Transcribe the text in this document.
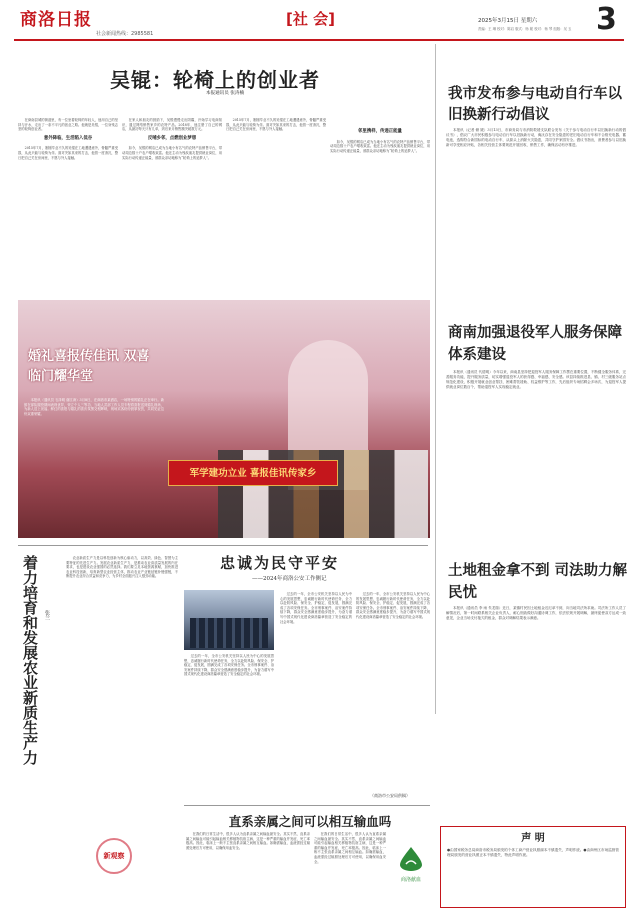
商洛日报
社会新闻热线：2985581
[社 会]	2025年3月15日 星期六
责编：王 琳 校对：陈启 版式：杨 妮 校对：杨 琴 组版：吴 玉 3
吴锟：轮椅上的创业者
本报通讯员 张涛楠

在商南县城的街道里，有一位坐着轮椅的年轻人，他用自己的坚持与汗水，走出了一条不平凡的创业之路。他就是吴锟，一位身残志坚的轮椅创业者。

意外降临，生活陷入低谷

2015年7月，刚刚毕业不久的吴锟在工地遭遇意外，脊髓严重受损，从此只能与轮椅为伴。面对突如其来的打击，他曾一度消沉，整日把自己关在房间里，不愿与外人接触。

在家人和朋友的鼓励下，吴锟慢慢走出阴霾，开始学习电商知识，通过网络销售家乡的农特产品。2018年，他注册了自己的网店，从最初每天只有几单，到后来月销售额突破数万元。

反哺乡邻，点燃创业梦想

如今，吴锟的网店已成为当地小有名气的农特产品销售平台，带动周边数十户农户增收致富。他还主动为残疾朋友提供就业岗位，用实际行动传递正能量，被群众亲切地称为“轮椅上的追梦人”。

2015年7月，刚刚毕业不久的吴锟在工地遭遇意外，脊髓严重受损，从此只能与轮椅为伴。面对突如其来的打击，他曾一度消沉，整日把自己关在房间里，不愿与外人接触。	邻里携样，传递正能量

如今，吴锟的网店已成为当地小有名气的农特产品销售平台，带动周边数十户农户增收致富。他还主动为残疾朋友提供就业岗位，用实际行动传递正能量，被群众亲切地称为“轮椅上的追梦人”。

我市发布参与电动自行车以旧换新行动倡议

本报讯（记者 储 媛）3月13日，市商务局与市消防救援支队联合发布《关于参与电动自行车以旧换新行动的倡议书》，倡议广大市民积极参与电动自行车以旧换新行动，淘汰存在安全隐患的老旧电动自行车和不合格充电器、蓄电池，选购符合新国标的电动自行车，从源头上消除火灾隐患，共同守护家园安全。倡议书指出，消费者参与以旧换新可享受相应补贴，各相关经营主体要规范开展回收、销售工作，确保活动有序推进。

军学建功立业 喜报佳讯传家乡
婚礼喜报传佳讯 双喜临门耀华堂

本报讯（通讯员 石泽明 谢江涛）3月8日，在商洛市某酒店，一场特别的婚礼正在举行。新郎在部队服役期间表现优异，荣立个人三等功，当地人武部工作人员专程将喜报送到婚礼现场，为新人送上祝福。鲜红的喜报与婚礼的喜庆氛围交相辉映，现场宾客纷纷鼓掌祝贺，共同见证这份双重荣耀。

商南加强退役军人服务保障体系建设

本报讯（通讯员 代德明）今年以来，商南县坚持把退役军人服务保障工作摆在重要位置，不断健全服务体系，完善服务功能，提升服务质量，切实增强退役军人的获得感、幸福感、安全感。该县持续推进县、镇、村三级服务站点规范化建设，积极开展就业创业帮扶、困难帮扶援助、权益维护等工作，先后组织专场招聘会多场次，为退役军人提供就业岗位数百个，帮助退役军人实现稳定就业。

着力培育和发展农业新质生产力 张兰

农业新质生产力是以科技创新为核心驱动力，以高效、绿色、智慧为主要特征的先进生产力。发展农业新质生产力，是推动农业高质量发展的内在要求，也是建设农业强国的必然选择。我们要立足本地资源禀赋，加快推进农业科技创新，培育新型农业经营主体，推动农业产业链延链补链强链，不断提升农业综合效益和竞争力，为乡村全面振兴注入强劲动能。

新观察
忠诚为民守平安
——2024年商洛公安工作侧记

过去的一年，全市公安机关坚持以人民为中心的发展思想，忠诚履行新时代使命任务，全力以赴防风险、保安全、护稳定、促发展，圆满完成了各项安保任务。全市刑事案件、治安案件持续下降，群众安全感满意度稳步提升，为奋力谱写中国式现代化建设商洛篇章营造了安全稳定的社会环境。

过去的一年，全市公安机关坚持以人民为中心的发展思想，忠诚履行新时代使命任务，全力以赴防风险、保安全、护稳定、促发展，圆满完成了各项安保任务。全市刑事案件、治安案件持续下降，群众安全感满意度稳步提升，为奋力谱写中国式现代化建设商洛篇章营造了安全稳定的社会环境。

过去的一年，全市公安机关坚持以人民为中心的发展思想，忠诚履行新时代使命任务，全力以赴防风险、保安全、护稳定、促发展，圆满完成了各项安保任务。全市刑事案件、治安案件持续下降，群众安全感满意度稳步提升，为奋力谱写中国式现代化建设商洛篇章营造了安全稳定的社会环境。

（商洛市公安局供稿）
土地租金拿不到 司法助力解民忧

本报讯（通讯员 李 雨 朱龙瑞）近日，某镇村民因土地租金迟迟拿不到，向当地司法所求助。司法所工作人员了解情况后，第一时间联系相关企业负责人，耐心细致做好沟通协调工作，依法依规开展调解，最终促使双方达成一致意见，企业当场支付拖欠的租金，群众对调解结果表示满意。

直系亲属之间可以相互输血吗

在我们的日常生活中，很多人认为直系亲属之间输血最安全。其实不然，直系亲属之间输血可能引起输血相关移植物抗宿主病，这是一种严重的输血并发症，死亡率极高。因此，临床上一般不主张直系亲属之间相互输血。如确需输血，血液需经过辐照处理后方可使用，以确保用血安全。

在我们的日常生活中，很多人认为直系亲属之间输血最安全。其实不然，直系亲属之间输血可能引起输血相关移植物抗宿主病，这是一种严重的输血并发症，死亡率极高。因此，临床上一般不主张直系亲属之间相互输血。如确需输血，血液需经过辐照处理后方可使用，以确保用血安全。

商洛献血
声 明
●由国家税务总局商洛市税务局颁发的个体工商户营业执照副本不慎遗失，声明作废。●由商州区市场监督管理局颁发的营业执照正本不慎遗失，特此声明作废。
